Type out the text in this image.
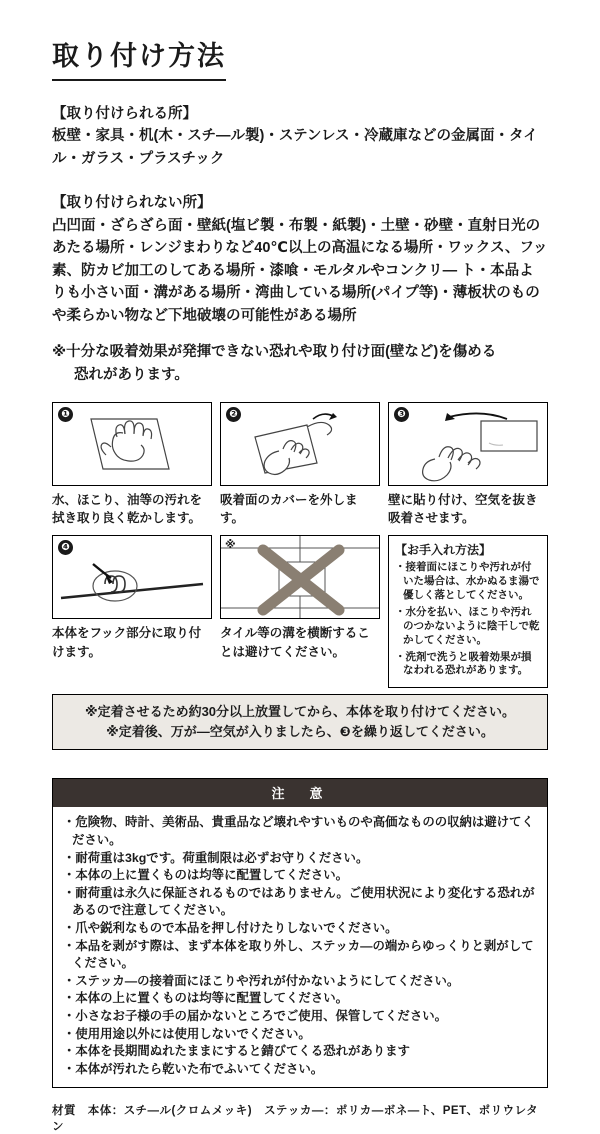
取り付け方法
【取り付けられる所】
板壁・家具・机(木・スチ―ル製)・ステンレス・冷蔵庫などの金属面・タイル・ガラス・プラスチック
【取り付けられない所】
凸凹面・ざらざら面・壁紙(塩ビ製・布製・紙製)・土壁・砂壁・直射日光のあたる場所・レンジまわりなど40℃以上の高温になる場所・ワックス、フッ素、防カビ加工のしてある場所・漆喰・モルタルやコンクリ― ト・本品よりも小さい面・溝がある場所・湾曲している場所(パイプ等)・薄板状のものや柔らかい物など下地破壊の可能性がある場所
※十分な吸着効果が発揮できない恐れや取り付け面(壁など)を傷める
恐れがあります。
❶
水、ほこり、油等の汚れを拭き取り良く乾かします。
❷
吸着面のカバーを外します。
❸
壁に貼り付け、空気を抜き吸着させます。
❹
本体をフック部分に取り付けます。
※
タイル等の溝を横断することは避けてください。
【お手入れ方法】
・接着面にほこりや汚れが付いた場合は、水かぬるま湯で優しく落としてください。
・水分を払い、ほこりや汚れのつかないように陰干しで乾かしてください。
・洗剤で洗うと吸着効果が損なわれる恐れがあります。
※定着させるため約30分以上放置してから、本体を取り付けてください。
※定着後、万が―空気が入りましたら、❸を繰り返してください。
注　意
・危険物、時計、美術品、貴重品など壊れやすいものや高価なものの収納は避けてください。
・耐荷重は3kgです。荷重制限は必ずお守りください。
・本体の上に置くものは均等に配置してください。
・耐荷重は永久に保証されるものではありません。ご使用状況により変化する恐れがあるので注意してください。
・爪や鋭利なもので本品を押し付けたりしないでください。
・本品を剥がす際は、まず本体を取り外し、ステッカ―の端からゆっくりと剥がしてください。
・ステッカ―の接着面にほこりや汚れが付かないようにしてください。
・本体の上に置くものは均等に配置してください。
・小さなお子様の手の届かないところでご使用、保管してください。
・使用用途以外には使用しないでください。
・本体を長期間ぬれたままにすると錆びてくる恐れがあります
・本体が汚れたら乾いた布でふいてください。
材質 本体：スチ―ル(クロムメッキ)　ステッカ―：ポリカ―ボネ―ト、PET、ポリウレタン
